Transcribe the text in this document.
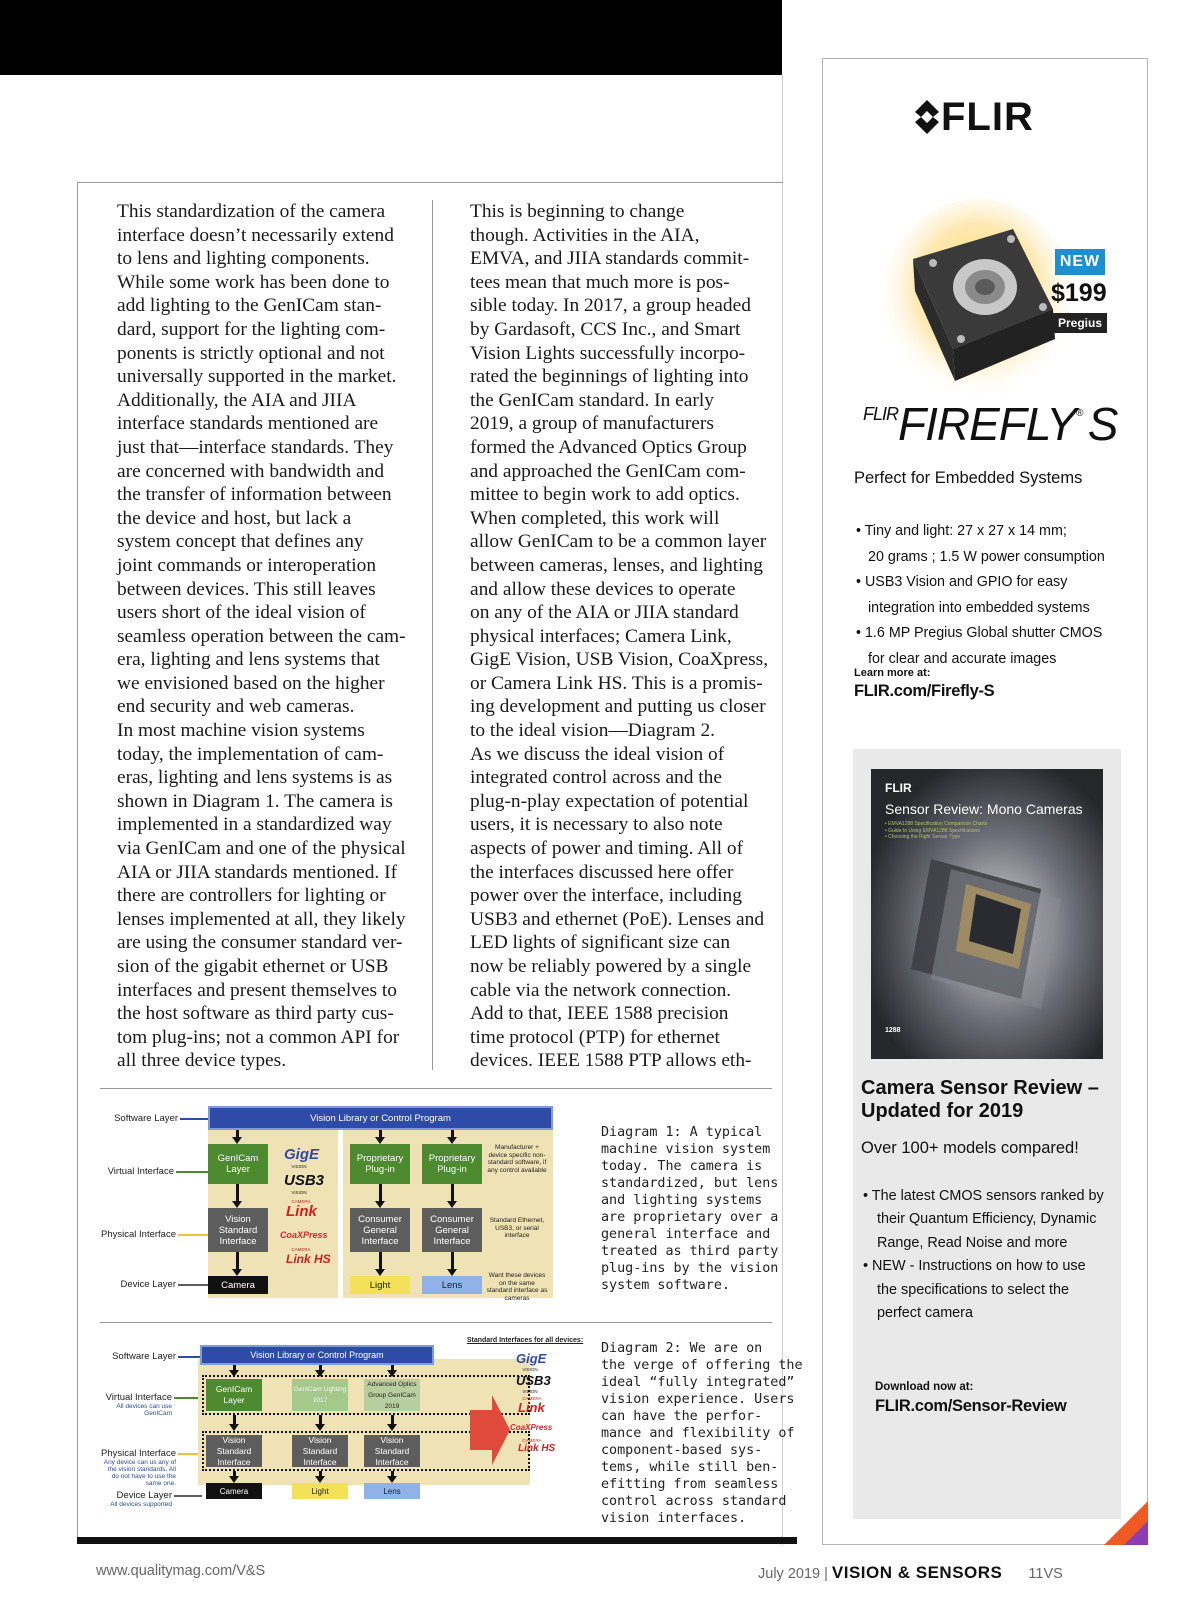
This standardization of the camera
interface doesn’t necessarily extend
to lens and lighting components.
While some work has been done to
add lighting to the GenICam stan-
dard, support for the lighting com-
ponents is strictly optional and not
universally supported in the market.

Additionally, the AIA and JIIA
interface standards mentioned are
just that—interface standards. They
are concerned with bandwidth and
the transfer of information between
the device and host, but lack a
system concept that defines any
joint commands or interoperation
between devices. This still leaves
users short of the ideal vision of
seamless operation between the cam-
era, lighting and lens systems that
we envisioned based on the higher
end security and web cameras.

In most machine vision systems
today, the implementation of cam-
eras, lighting and lens systems is as
shown in Diagram 1. The camera is
implemented in a standardized way
via GenICam and one of the physical
AIA or JIIA standards mentioned. If
there are controllers for lighting or
lenses implemented at all, they likely
are using the consumer standard ver-
sion of the gigabit ethernet or USB
interfaces and present themselves to
the host software as third party cus-
tom plug-ins; not a common API for
all three device types.

This is beginning to change
though. Activities in the AIA,
EMVA, and JIIA standards commit-
tees mean that much more is pos-
sible today. In 2017, a group headed
by Gardasoft, CCS Inc., and Smart
Vision Lights successfully incorpo-
rated the beginnings of lighting into
the GenICam standard. In early
2019, a group of manufacturers
formed the Advanced Optics Group
and approached the GenICam com-
mittee to begin work to add optics.

When completed, this work will
allow GenICam to be a common layer
between cameras, lenses, and lighting
and allow these devices to operate
on any of the AIA or JIIA standard
physical interfaces; Camera Link,
GigE Vision, USB Vision, CoaXpress,
or Camera Link HS. This is a promis-
ing development and putting us closer
to the ideal vision—Diagram 2.

As we discuss the ideal vision of
integrated control across and the
plug-n-play expectation of potential
users, it is necessary to also note
aspects of power and timing. All of
the interfaces discussed here offer
power over the interface, including
USB3 and ethernet (PoE). Lenses and
LED lights of significant size can
now be reliably powered by a single
cable via the network connection.

Add to that, IEEE 1588 precision
time protocol (PTP) for ethernet
devices. IEEE 1588 PTP allows eth-

Software Layer
Virtual Interface
Physical Interface
Device Layer
Vision Library or Control Program
GenICam Layer
Vision Standard Interface
Camera
GigE
VISION
USB3
VISION
CAMERA
Link
CoaXPress
CAMERA
Link HS
Proprietary Plug-in
Proprietary Plug-in
Consumer General Interface
Consumer General Interface
Light	Lens
Manufacturer + device specific non-standard software, if any control available
Standard Ethernet, USB3, or serial interface
Want these devices on the same standard interface as cameras
Diagram 1: A typical
machine vision system
today. The camera is
standardized, but lens
and lighting systems
are proprietary over a
general interface and
treated as third party
plug-ins by the vision
system software.
Software Layer
Virtual Interface
All devices can use GenICam
Physical Interface
Any device can us any of the vision standards. All do not have to use the same one.
Device Layer
All devices supported
Vision Library or Control Program
GenICam Layer
GenICam Lighting 2017
Advanced Optics Group GenICam 2019
Vision Standard Interface
Vision Standard Interface
Vision Standard Interface
Camera	Light	Lens
Standard Interfaces for all devices:
GigE
VISION
USB3
VISION
CAMERA
Link
CoaXPress
CAMERA
Link HS
Diagram 2: We are on
the verge of offering the
ideal “fully integrated”
vision experience. Users
can have the perfor-
mance and flexibility of
component-based sys-
tems, while still ben-
efitting from seamless
control across standard
vision interfaces.
FLIR
NEW
$199
Pregius
FLIRFIREFLY® S
Perfect for Embedded Systems
• Tiny and light: 27 x 27 x 14 mm;
20 grams ; 1.5 W power consumption
• USB3 Vision and GPIO for easy
integration into embedded systems
• 1.6 MP Pregius Global shutter CMOS
for clear and accurate images
Learn more at:
FLIR.com/Firefly-S
FLIR
Sensor Review: Mono Cameras
• EMVA1288 Specification Comparison Charts
• Guide to Using EMVA1288 Specifications
• Choosing the Right Sensor Type
1288
Camera Sensor Review –
Updated for 2019
Over 100+ models compared!
• The latest CMOS sensors ranked by
their Quantum Efficiency, Dynamic
Range, Read Noise and more
• NEW - Instructions on how to use
the specifications to select the
perfect camera
Download now at:
FLIR.com/Sensor-Review
www.qualitymag.com/V&S	July 2019 | VISION & SENSORS 11VS
